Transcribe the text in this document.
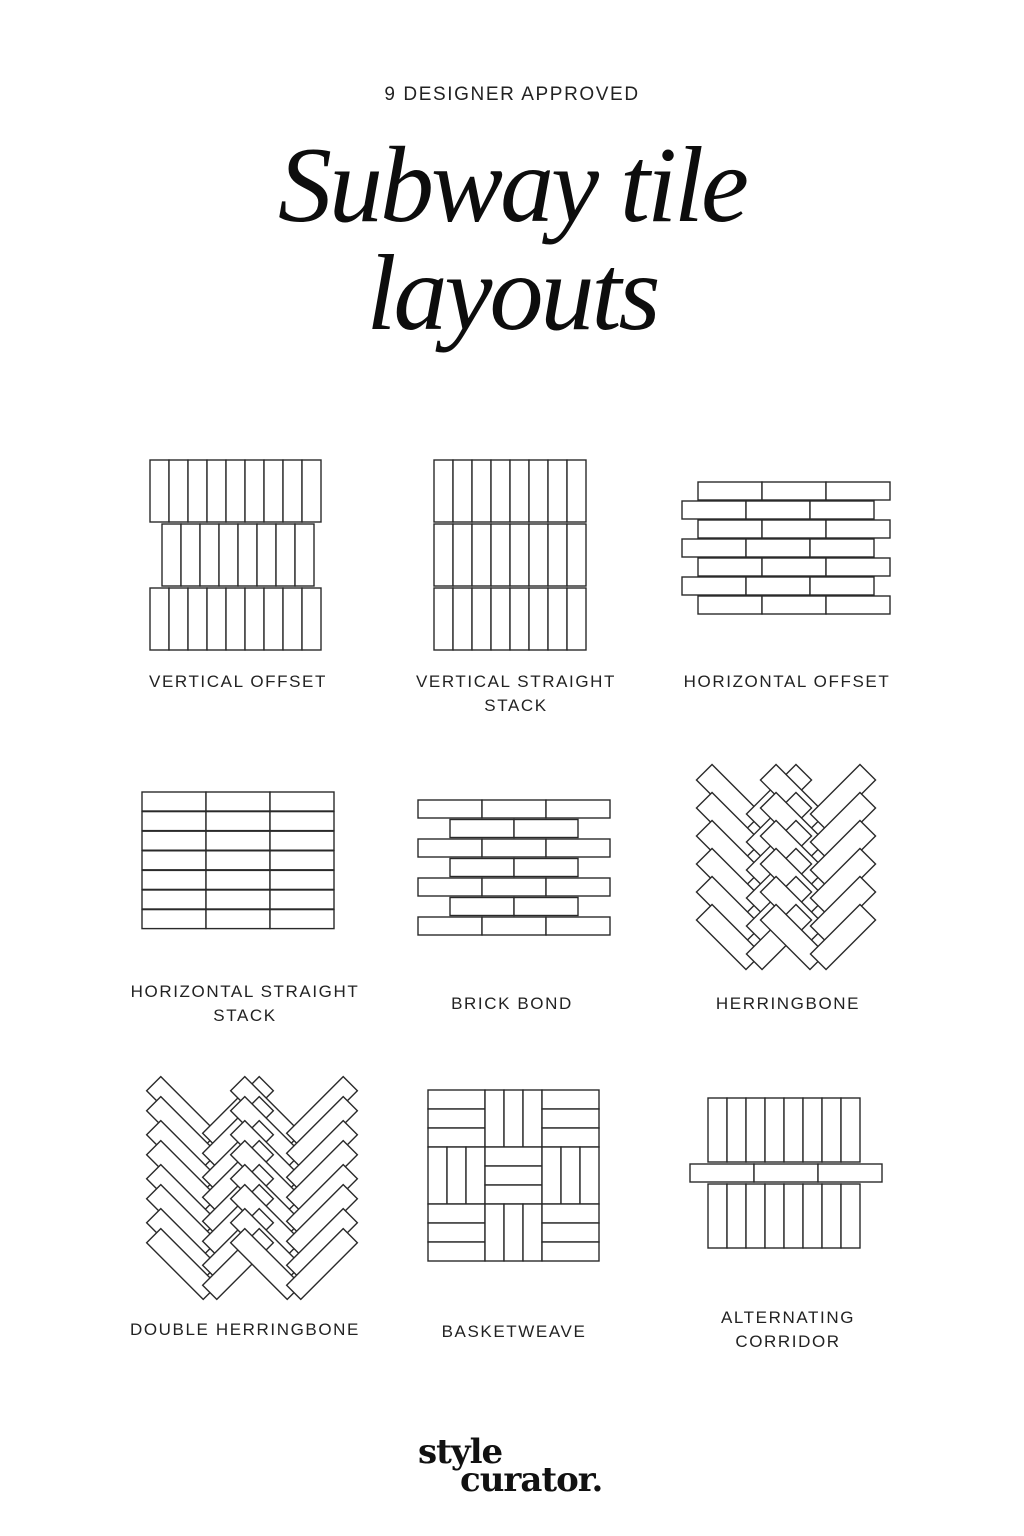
9 DESIGNER APPROVED
Subway tile
layouts
VERTICAL OFFSET	VERTICAL STRAIGHT STACK
HORIZONTAL OFFSET
HORIZONTAL STRAIGHT STACK
BRICK BOND	HERRINGBONE
DOUBLE HERRINGBONE	BASKETWEAVE
ALTERNATING CORRIDOR
style
curator.
